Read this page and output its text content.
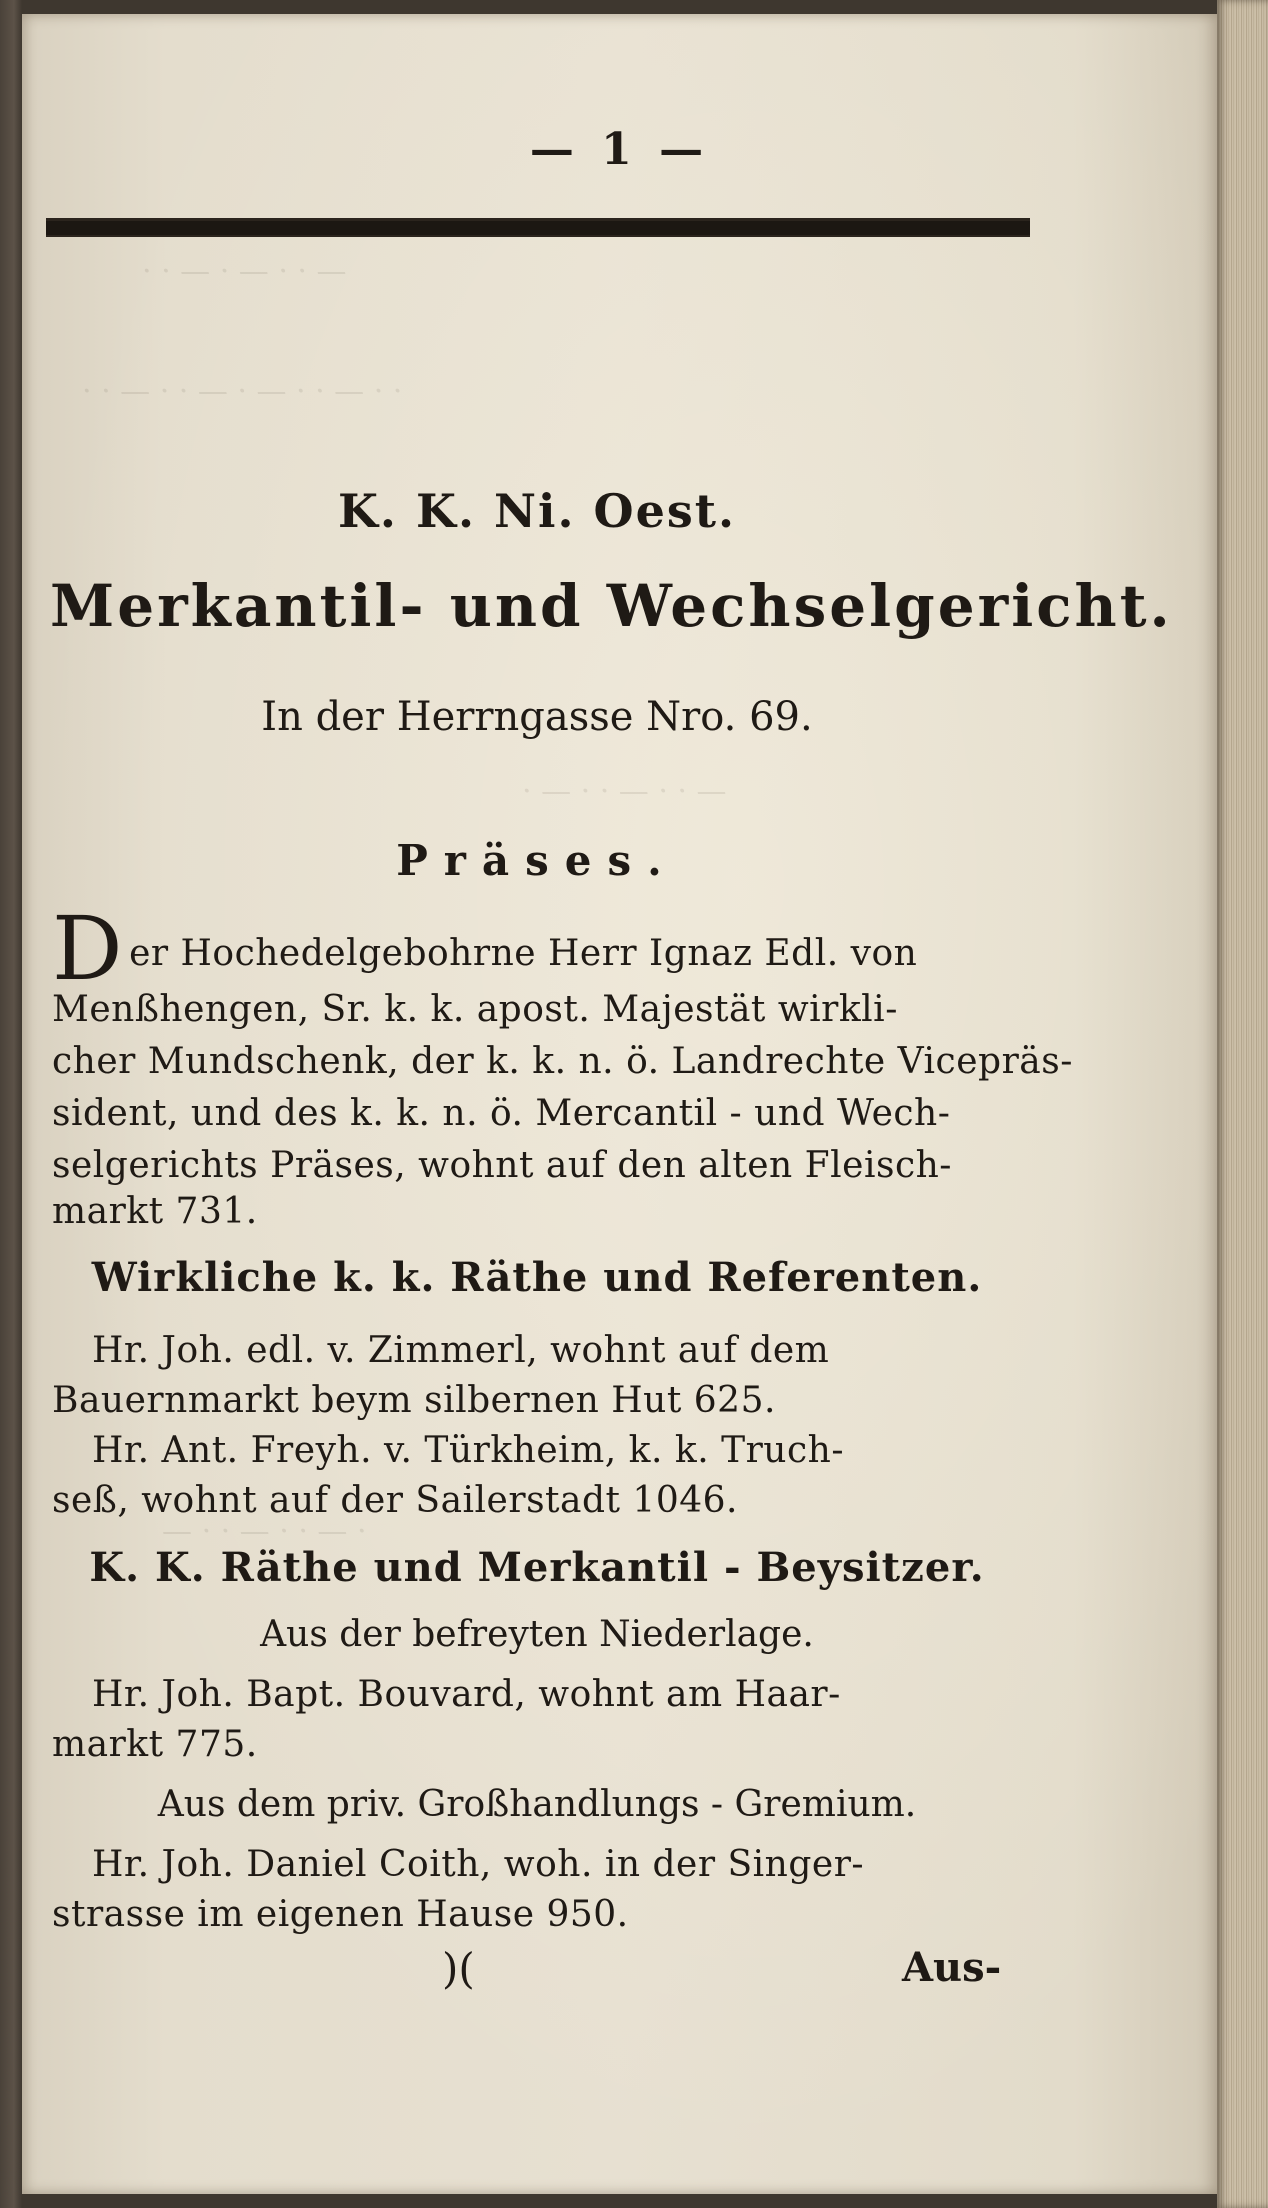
— · · — · — · ·
· · — · · — · — · · — · ·
— · · — · · — ·
· — · · — · · —
— 1 —
K. K. Ni. Oest.
Merkantil- und Wechselgericht.
In der Herrngasse Nro. 69.
Präses.
Der Hochedelgebohrne Herr Ignaz Edl. von
Menßhengen, Sr. k. k. apost. Majestät wirkli-
cher Mundschenk, der k. k. n. ö. Landrechte Vicepräs-
sident, und des k. k. n. ö. Mercantil - und Wech-
selgerichts Präses, wohnt auf den alten Fleisch-
markt 731.
Wirkliche k. k. Räthe und Referenten.
Hr. Joh. edl. v. Zimmerl, wohnt auf dem
Bauernmarkt beym silbernen Hut 625.
Hr. Ant. Freyh. v. Türkheim, k. k. Truch-
seß, wohnt auf der Sailerstadt 1046.
K. K. Räthe und Merkantil - Beysitzer.
Aus der befreyten Niederlage.
Hr. Joh. Bapt. Bouvard, wohnt am Haar-
markt 775.
Aus dem priv. Großhandlungs - Gremium.
Hr. Joh. Daniel Coith, woh. in der Singer-
strasse im eigenen Hause 950.
)(	Aus-
